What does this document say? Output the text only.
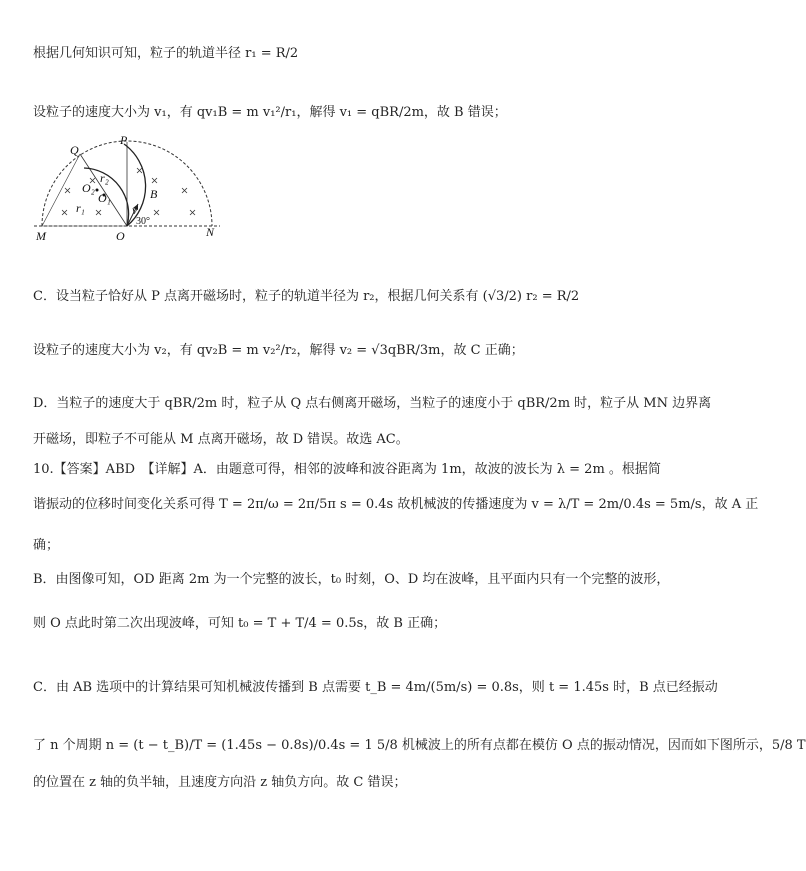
根据几何知识可知，粒子的轨道半径 r₁ = R/2
设粒子的速度大小为 v₁，有 qv₁B = m v₁²/r₁，解得 v₁ = qBR/2m，故 B 错误；
Q
P
O₂
O₁
r₂
r₁
B
v
30°
M	O	N
C．设当粒子恰好从 P 点离开磁场时，粒子的轨道半径为 r₂，根据几何关系有 (√3/2) r₂ = R/2
设粒子的速度大小为 v₂，有 qv₂B = m v₂²/r₂，解得 v₂ = √3qBR/3m，故 C 正确；
D．当粒子的速度大于 qBR/2m 时，粒子从 Q 点右侧离开磁场，当粒子的速度小于 qBR/2m 时，粒子从 MN 边界离
开磁场，即粒子不可能从 M 点离开磁场，故 D 错误。故选 AC。
10.【答案】ABD　【详解】A．由题意可得，相邻的波峰和波谷距离为 1m，故波的波长为 λ = 2m 。根据简
谐振动的位移时间变化关系可得 T = 2π/ω = 2π/5π s = 0.4s 故机械波的传播速度为 v = λ/T = 2m/0.4s = 5m/s，故 A 正
确；
B．由图像可知，OD 距离 2m 为一个完整的波长，t₀ 时刻，O、D 均在波峰，且平面内只有一个完整的波形，
则 O 点此时第二次出现波峰，可知 t₀ = T + T/4 = 0.5s，故 B 正确；
C．由 AB 选项中的计算结果可知机械波传播到 B 点需要 t_B = 4m/(5m/s) = 0.8s，则 t = 1.45s 时，B 点已经振动
了 n 个周期 n = (t − t_B)/T = (1.45s − 0.8s)/0.4s = 1 5/8 机械波上的所有点都在模仿 O 点的振动情况，因而如下图所示，5/8 T
的位置在 z 轴的负半轴，且速度方向沿 z 轴负方向。故 C 错误；
